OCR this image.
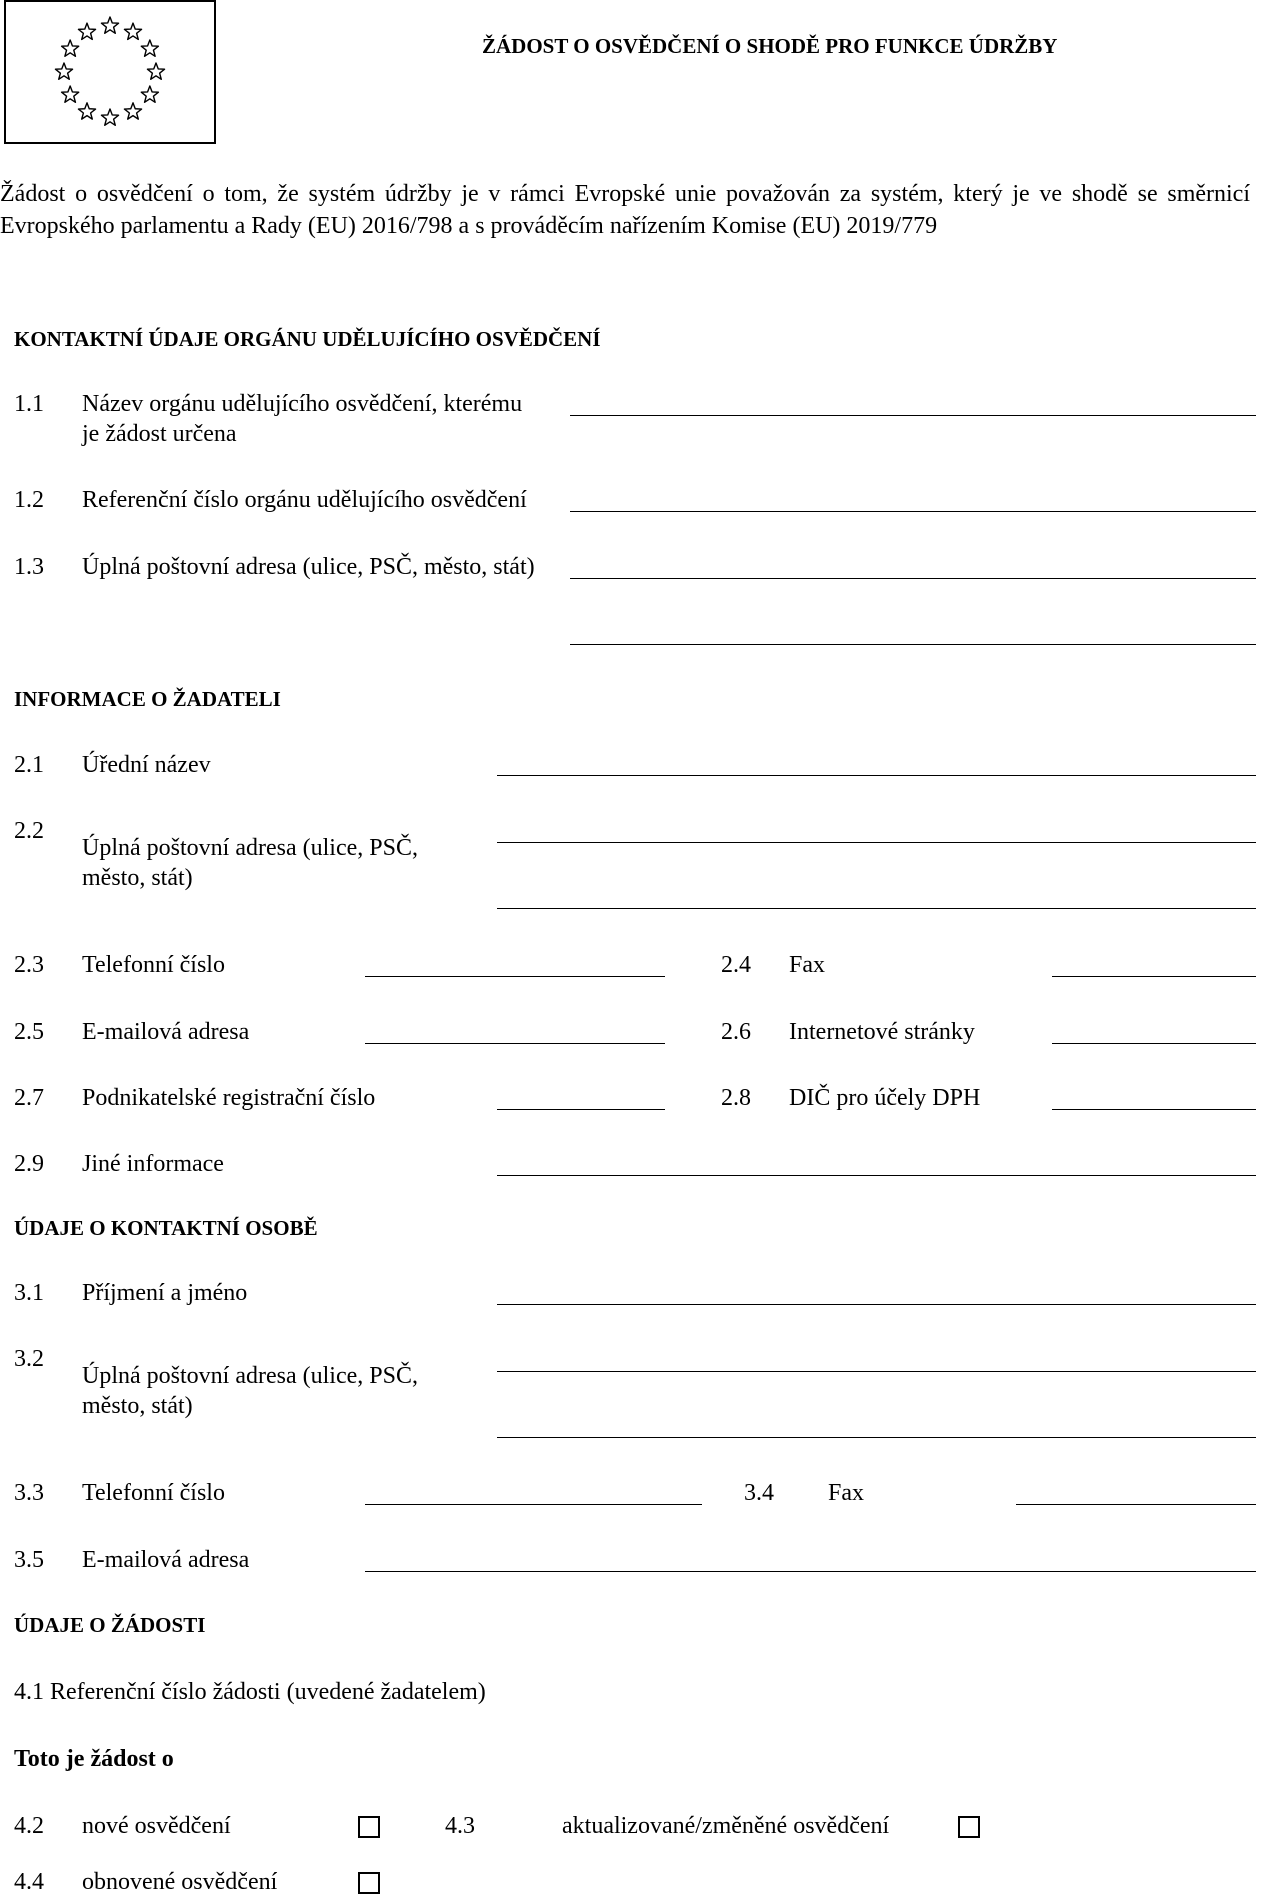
ŽÁDOST O OSVĚDČENÍ O SHODĚ PRO FUNKCE ÚDRŽBY
Žádost o osvědčení o tom, že systém údržby je v rámci Evropské unie považován za systém, který je ve shodě se směrnicí
Evropského parlamentu a Rady (EU) 2016/798 a s prováděcím nařízením Komise (EU) 2019/779
KONTAKTNÍ ÚDAJE ORGÁNU UDĚLUJÍCÍHO OSVĚDČENÍ
1.1 Název orgánu udělujícího osvědčení, kterému
je žádost určena
1.2 Referenční číslo orgánu udělujícího osvědčení
1.3 Úplná poštovní adresa (ulice, PSČ, město, stát)
INFORMACE O ŽADATELI
2.1 Úřední název
2.2
Úplná poštovní adresa (ulice, PSČ,
město, stát)
2.3 Telefonní číslo	2.4 Fax
2.5 E-mailová adresa	2.6 Internetové stránky
2.7 Podnikatelské registrační číslo	2.8 DIČ pro účely DPH
2.9 Jiné informace
ÚDAJE O KONTAKTNÍ OSOBĚ
3.1 Příjmení a jméno
3.2
Úplná poštovní adresa (ulice, PSČ,
město, stát)
3.3 Telefonní číslo	3.4 Fax
3.5 E-mailová adresa
ÚDAJE O ŽÁDOSTI
4.1 Referenční číslo žádosti (uvedené žadatelem)
Toto je žádost o
4.2 nové osvědčení	4.3	aktualizované/změněné osvědčení
4.4 obnovené osvědčení
